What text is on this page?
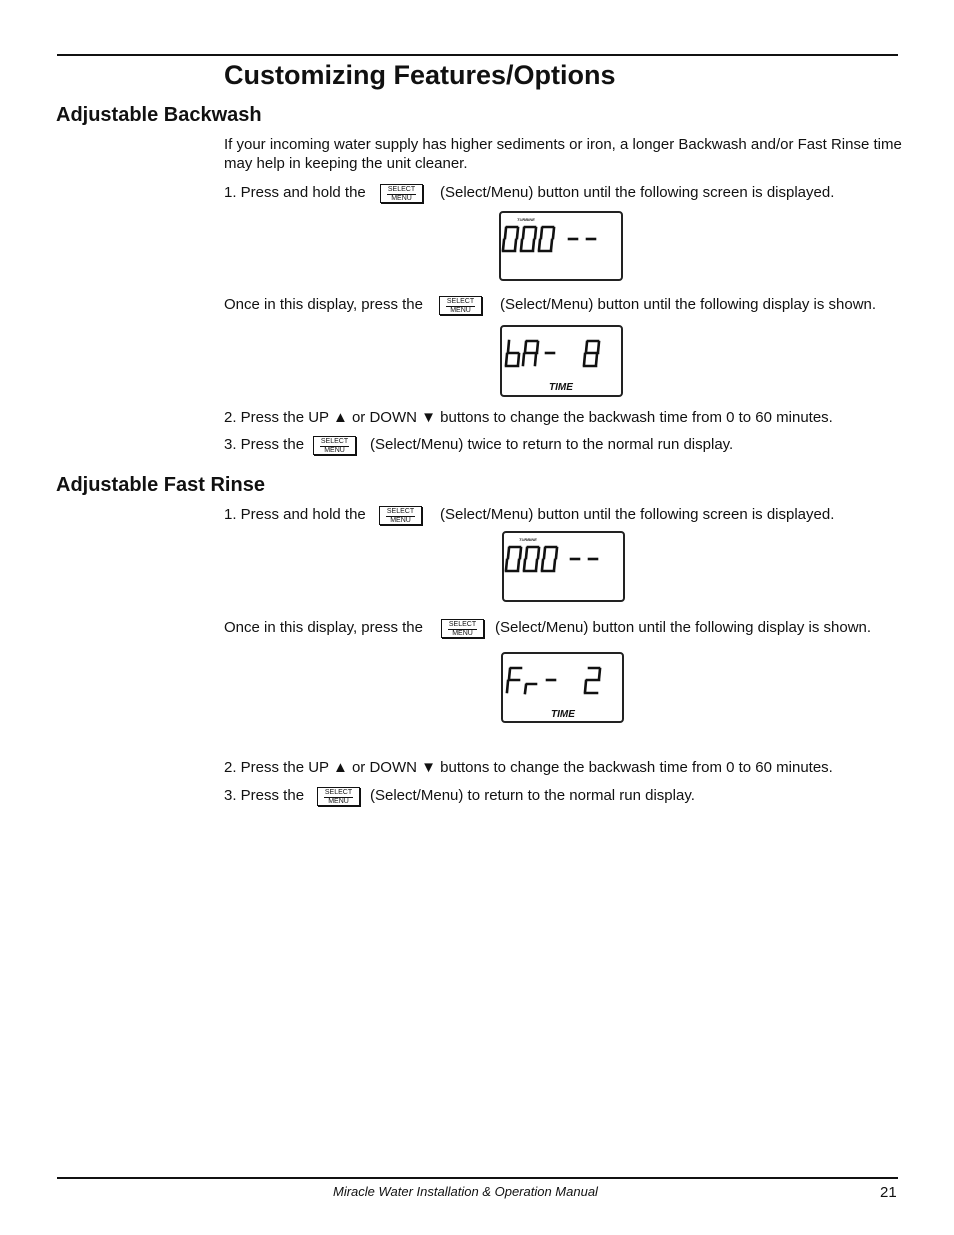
Customizing Features/Options
Adjustable Backwash
If your incoming water supply has higher sediments or iron, a longer Backwash and/or Fast Rinse time may help in keeping the unit cleaner.
1. Press and hold the	SELECT
MENU	(Select/Menu) button until the following screen is displayed.
TURBINE
Once in this display, press the	SELECT
MENU	(Select/Menu) button until the following display is shown.
TIME
2. Press the UP ▲ or DOWN ▼ buttons to change the backwash time from 0 to 60 minutes.
3. Press the SELECT
MENU	(Select/Menu) twice to return to the normal run display.
Adjustable Fast Rinse
1. Press and hold the	SELECT
MENU	(Select/Menu) button until the following screen is displayed.
TURBINE
Once in this display, press the	SELECT
MENU	(Select/Menu) button until the following display is shown.
TIME
2. Press the UP ▲ or DOWN ▼ buttons to change the backwash time from 0 to 60 minutes.
3. Press the	SELECT
MENU	(Select/Menu) to return to the normal run display.
Miracle Water Installation & Operation Manual	21
